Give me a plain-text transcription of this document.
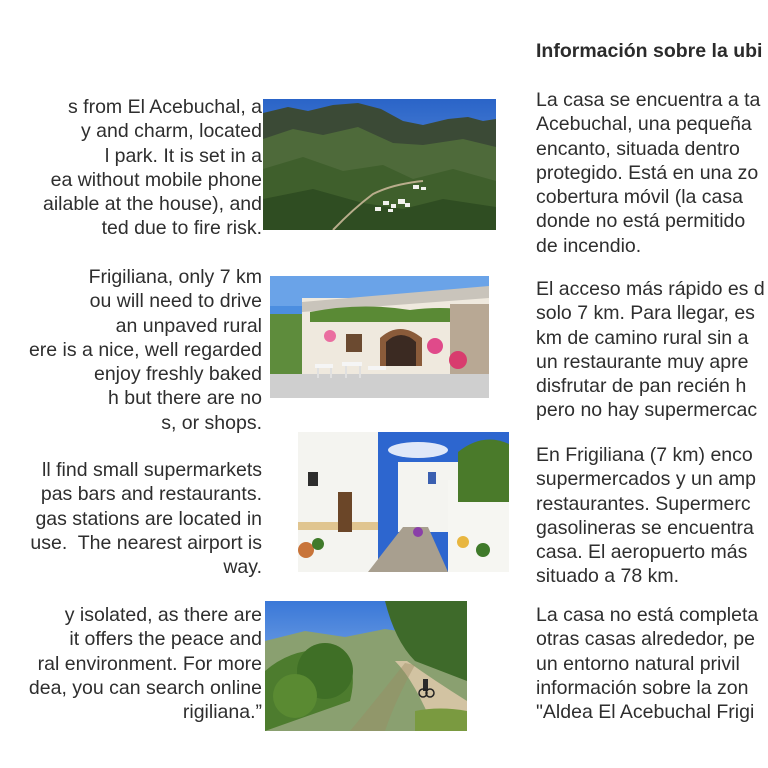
s from El Acebuchal, a
y and charm, located
l park. It is set in a
ea without mobile phone
ailable at the house), and
ted due to fire risk.

Frigiliana, only 7 km
ou will need to drive
an unpaved rural
ere is a nice, well regarded
enjoy freshly baked
h but there are no
s, or shops.

ll find small supermarkets
pas bars and restaurants.
gas stations are located in
use.  The nearest airport is
way.

y isolated, as there are
it offers the peace and
ral environment. For more
dea, you can search online
rigiliana.”

Información sobre la ubi

La casa se encuentra a ta
Acebuchal, una pequeña
encanto, situada dentro
protegido. Está en una zo
cobertura móvil (la casa
donde no está permitido
de incendio.

El acceso más rápido es d
solo 7 km. Para llegar, es
km de camino rural sin a
un restaurante muy apre
disfrutar de pan recién h
pero no hay supermercac

En Frigiliana (7 km) enco
supermercados y un amp
restaurantes. Supermerc
gasolineras se encuentra
casa. El aeropuerto más
situado a 78 km.

La casa no está completa
otras casas alrededor, pe
un entorno natural privil
información sobre la zon
"Aldea El Acebuchal Frigi
